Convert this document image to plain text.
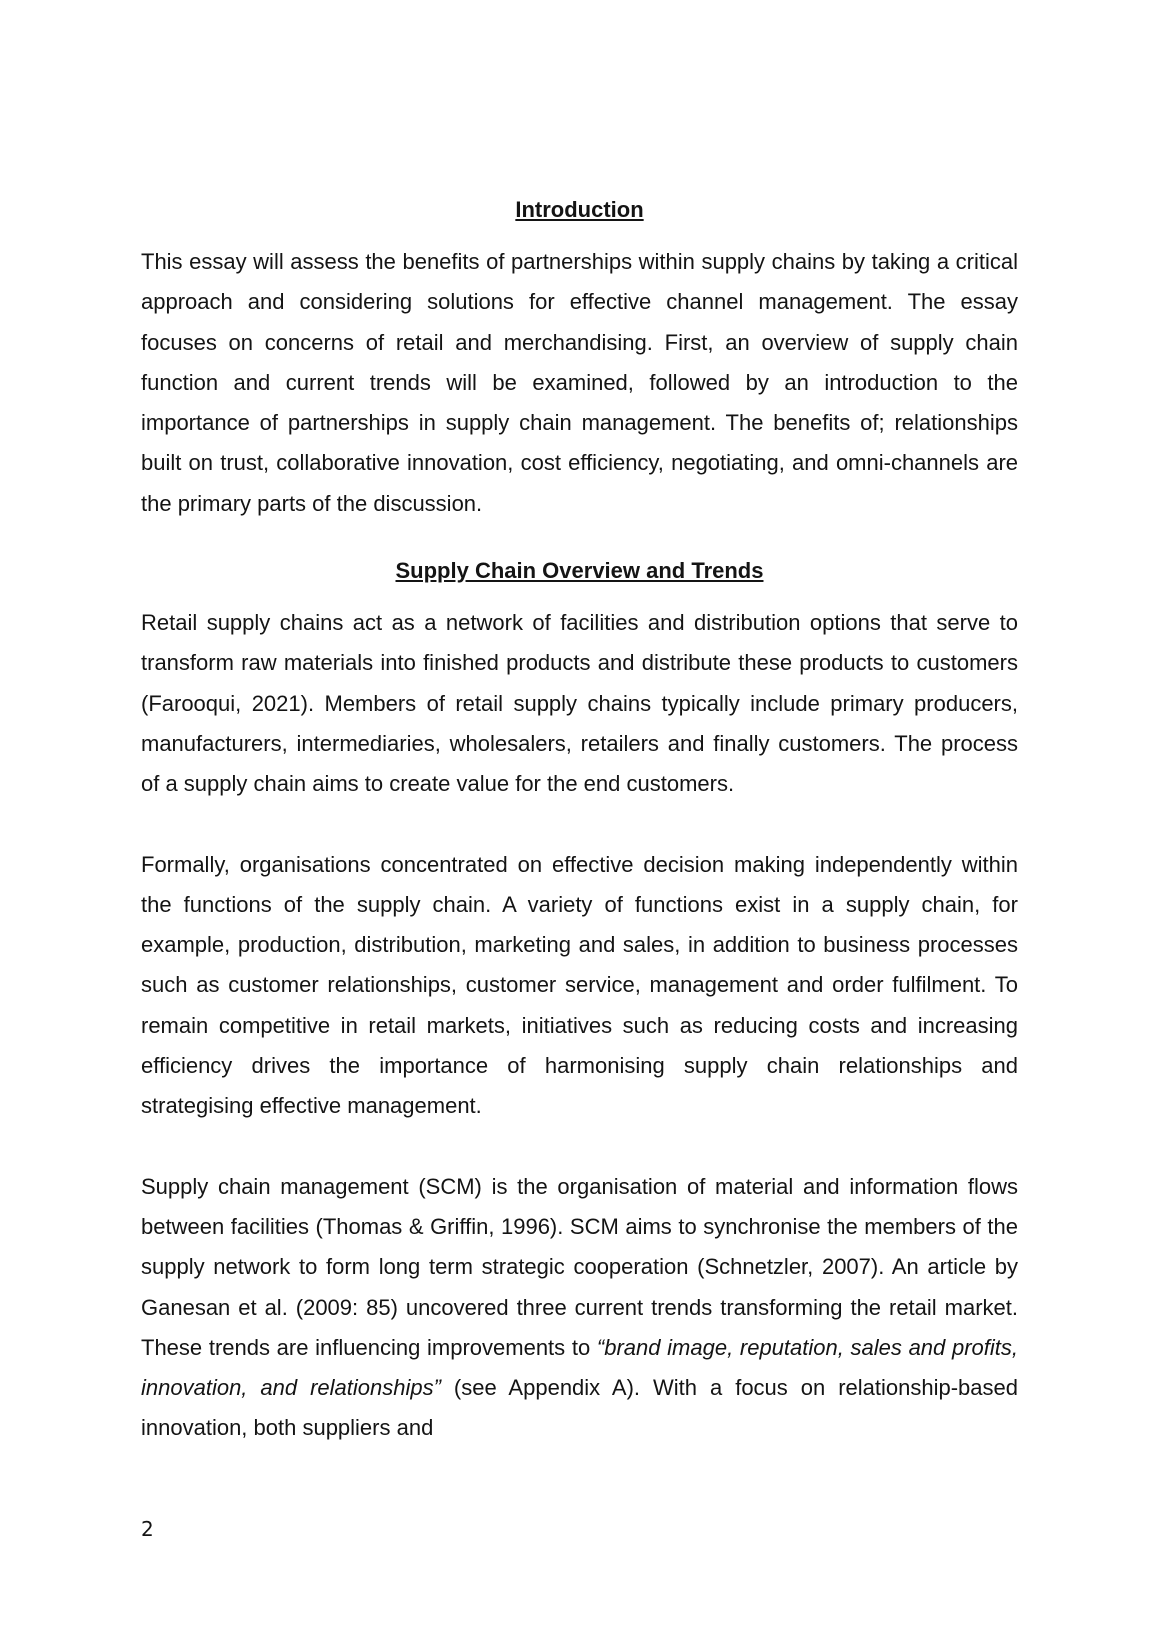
Introduction

This essay will assess the benefits of partnerships within supply chains by taking a critical approach and considering solutions for effective channel management. The essay focuses on concerns of retail and merchandising. First, an overview of supply chain function and current trends will be examined, followed by an introduction to the importance of partnerships in supply chain management. The benefits of; relationships built on trust, collaborative innovation, cost efficiency, negotiating, and omni-channels are the primary parts of the discussion.

Supply Chain Overview and Trends

Retail supply chains act as a network of facilities and distribution options that serve to transform raw materials into finished products and distribute these products to customers (Farooqui, 2021). Members of retail supply chains typically include primary producers, manufacturers, intermediaries, wholesalers, retailers and finally customers. The process of a supply chain aims to create value for the end customers.

Formally, organisations concentrated on effective decision making independently within the functions of the supply chain. A variety of functions exist in a supply chain, for example, production, distribution, marketing and sales, in addition to business processes such as customer relationships, customer service, management and order fulfilment. To remain competitive in retail markets, initiatives such as reducing costs and increasing efficiency drives the importance of harmonising supply chain relationships and strategising effective management.

Supply chain management (SCM) is the organisation of material and information flows between facilities (Thomas & Griffin, 1996). SCM aims to synchronise the members of the supply network to form long term strategic cooperation (Schnetzler, 2007). An article by Ganesan et al. (2009: 85) uncovered three current trends transforming the retail market. These trends are influencing improvements to “brand image, reputation, sales and profits, innovation, and relationships” (see Appendix A). With a focus on relationship-based innovation, both suppliers and

2
